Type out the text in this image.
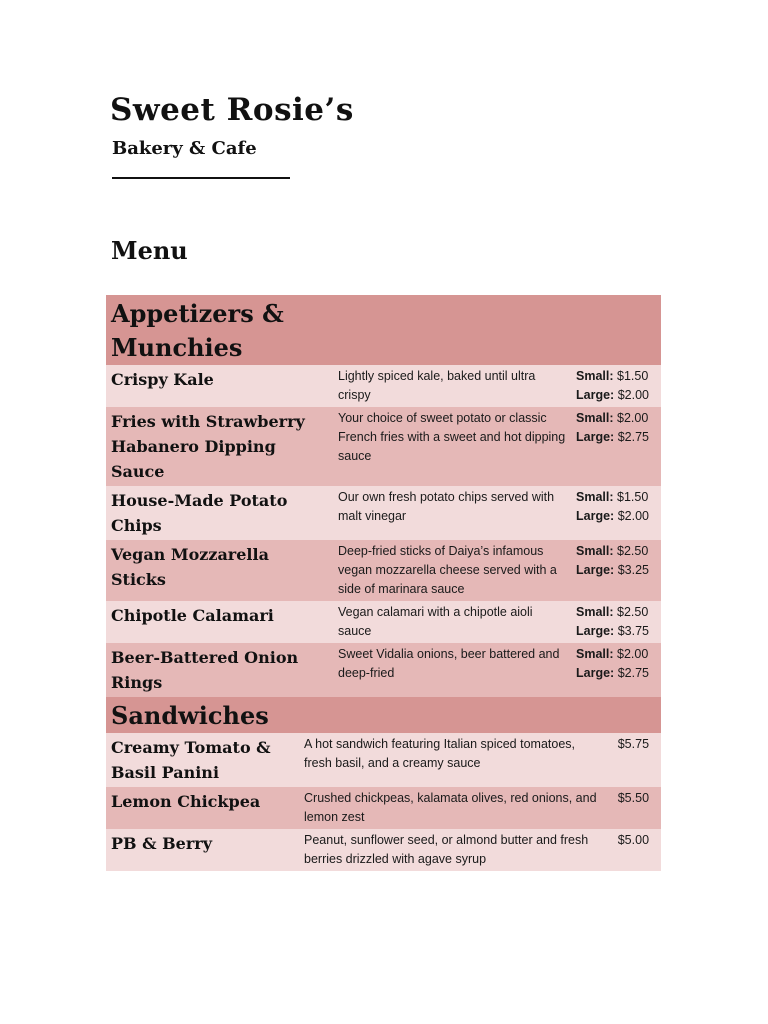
Sweet Rosie’s
Bakery & Cafe
Menu
Appetizers &
Munchies		
Crispy Kale	Lightly spiced kale, baked until ultra crispy	Small: $1.50
Large: $2.00
Fries with Strawberry Habanero Dipping Sauce	Your choice of sweet potato or classic French fries with a sweet and hot dipping sauce	Small: $2.00
Large: $2.75
House-Made Potato Chips	Our own fresh potato chips served with malt vinegar	Small: $1.50
Large: $2.00
Vegan Mozzarella Sticks	Deep-fried sticks of Daiya’s infamous vegan mozzarella cheese served with a side of marinara sauce	Small: $2.50
Large: $3.25
Chipotle Calamari	Vegan calamari with a chipotle aioli sauce	Small: $2.50
Large: $3.75
Beer-Battered Onion Rings	Sweet Vidalia onions, beer battered and deep-fried	Small: $2.00
Large: $2.75
Sandwiches		
Creamy Tomato & Basil Panini	A hot sandwich featuring Italian spiced tomatoes, fresh basil, and a creamy sauce	$5.75
Lemon Chickpea	Crushed chickpeas, kalamata olives, red onions, and lemon zest	$5.50
PB & Berry	Peanut, sunflower seed, or almond butter and fresh berries drizzled with agave syrup	$5.00
